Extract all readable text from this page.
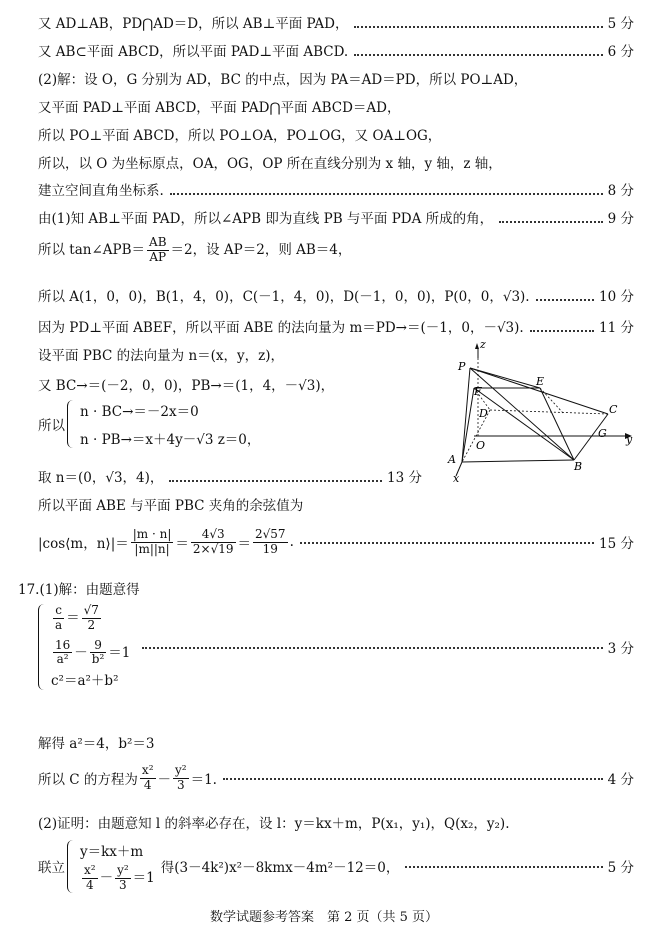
又 AD⊥AB，PD⋂AD＝D，所以 AB⊥平面 PAD，	5 分
又 AB⊂平面 ABCD，所以平面 PAD⊥平面 ABCD.	6 分
(2)解：设 O，G 分别为 AD，BC 的中点，因为 PA＝AD＝PD，所以 PO⊥AD，
又平面 PAD⊥平面 ABCD，平面 PAD⋂平面 ABCD＝AD，
所以 PO⊥平面 ABCD，所以 PO⊥OA，PO⊥OG，又 OA⊥OG，
所以，以 O 为坐标原点，OA，OG，OP 所在直线分别为 x 轴，y 轴，z 轴，
建立空间直角坐标系.	8 分
由(1)知 AB⊥平面 PAD，所以∠APB 即为直线 PB 与平面 PDA 所成的角，	9 分
所以 tan∠APB＝ $\frac{AB}{AP} =2$，设 AP＝2，则 AB＝4，
所以 A(1，0，0)，B(1，4，0)，C(－1，4，0)，D(－1，0，0)，P(0，0，√3).	10 分
因为 PD⊥平面 ABEF，所以平面 ABE 的法向量为 m＝PD→＝(－1，0，－√3).	11 分
设平面 PBC 的法向量为 n＝(x，y，z)，
又 BC→＝(－2，0，0)，PB→＝(1，4，－√3)，
所以
n · BC→＝－2x＝0
n · PB→＝x＋4y－√3 z＝0，
取 n＝(0，√3，4)，	13 分
所以平面 ABE 与平面 PBC 夹角的余弦值为
|cos⟨m，n⟩|＝ $\frac{|m \cdot n|}{|m||n|} = \frac{4√3}{2\times√19} = \frac{2√57}{19}$ .	15 分
17.(1)解：由题意得
$\frac{c}{a} = \frac{√7}{2}$
$\frac{16}{\text{a²}} - \frac{9}{\text{b²}} =1$
c²＝a²＋b²
3 分
解得 a²＝4，b²＝3
所以 C 的方程为 $\frac{\text{x²}}{4} - \frac{\text{y²}}{3} =1$.	4 分
(2)证明：由题意知 l 的斜率必存在，设 l：y＝kx＋m，P(x₁，y₁)，Q(x₂，y₂).
联立
y＝kx＋m
$\frac{\text{x²}}{4} - \frac{\text{y²}}{3} =1$
得(3－4k²)x²－8kmx－4m²－12＝0，	5 分
z
P
E
C
F
D
O
G y
A
B
x
数学试题参考答案　第 2 页（共 5 页）
